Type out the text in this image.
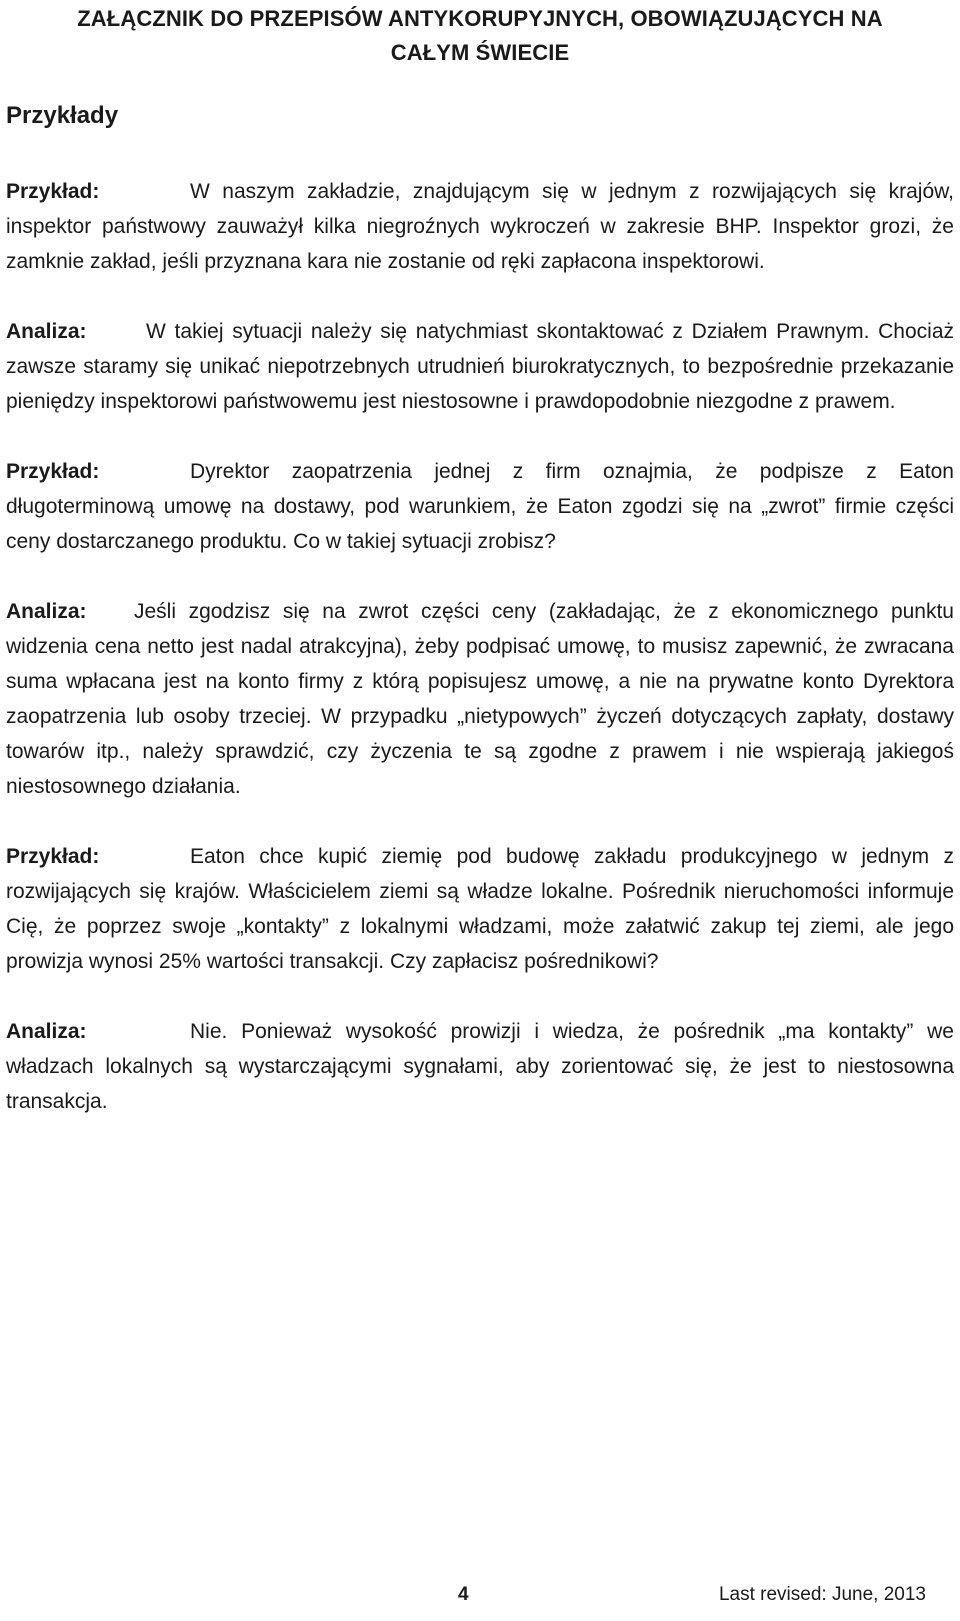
ZAŁĄCZNIK DO PRZEPISÓW ANTYKORUPYJNYCH, OBOWIĄZUJĄCYCH NA
CAŁYM ŚWIECIE
Przykłady

Przykład:	W naszym zakładzie, znajdującym się w jednym z rozwijających się krajów, inspektor państwowy zauważył kilka niegroźnych wykroczeń w zakresie BHP. Inspektor grozi, że zamknie zakład, jeśli przyznana kara nie zostanie od ręki zapłacona inspektorowi.

Analiza:	W takiej sytuacji należy się natychmiast skontaktować z Działem Prawnym. Chociaż zawsze staramy się unikać niepotrzebnych utrudnień biurokratycznych, to bezpośrednie przekazanie pieniędzy inspektorowi państwowemu jest niestosowne i prawdopodobnie niezgodne z prawem.

Przykład:	Dyrektor zaopatrzenia jednej z firm oznajmia, że podpisze z Eaton długoterminową umowę na dostawy, pod warunkiem, że Eaton zgodzi się na „zwrot” firmie części ceny dostarczanego produktu. Co w takiej sytuacji zrobisz?

Analiza: Jeśli zgodzisz się na zwrot części ceny (zakładając, że z ekonomicznego punktu widzenia cena netto jest nadal atrakcyjna), żeby podpisać umowę, to musisz zapewnić, że zwracana suma wpłacana jest na konto firmy z którą popisujesz umowę, a nie na prywatne konto Dyrektora zaopatrzenia lub osoby trzeciej. W przypadku „nietypowych” życzeń dotyczących zapłaty, dostawy towarów itp., należy sprawdzić, czy życzenia te są zgodne z prawem i nie wspierają jakiegoś niestosownego działania.

Przykład:	Eaton chce kupić ziemię pod budowę zakładu produkcyjnego w jednym z rozwijających się krajów. Właścicielem ziemi są władze lokalne. Pośrednik nieruchomości informuje Cię, że poprzez swoje „kontakty” z lokalnymi władzami, może załatwić zakup tej ziemi, ale jego prowizja wynosi 25% wartości transakcji. Czy zapłacisz pośrednikowi?

Analiza:	Nie. Ponieważ wysokość prowizji i wiedza, że pośrednik „ma kontakty” we władzach lokalnych są wystarczającymi sygnałami, aby zorientować się, że jest to niestosowna transakcja.

4	Last revised: June, 2013
